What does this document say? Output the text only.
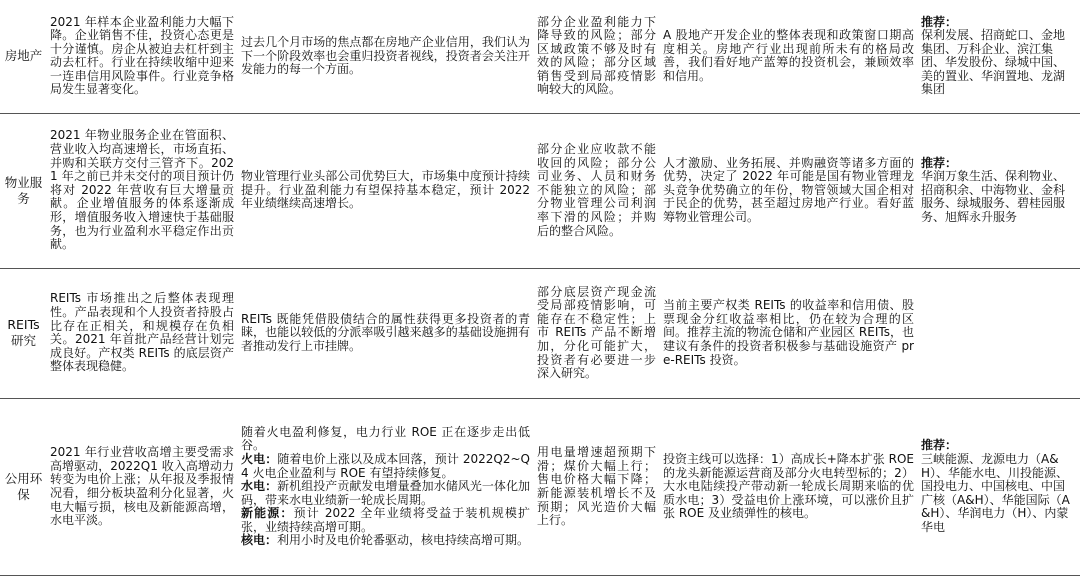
房地产	2021 年样本企业盈利能力大幅下降。企业销售不佳，投资心态更是十分谨慎。房企从被迫去杠杆到主动去杠杆。行业在持续收缩中迎来一连串信用风险事件。行业竞争格局发生显著变化。	过去几个月市场的焦点都在房地产企业信用，我们认为下一个阶段效率也会重归投资者视线，投资者会关注开发能力的每一个方面。	部分企业盈利能力下降导致的风险；部分区域政策不够及时有效的风险；部分区域销售受到局部疫情影响较大的风险。	A 股地产开发企业的整体表现和政策窗口期高度相关。房地产行业出现前所未有的格局改善，我们看好地产蓝筹的投资机会，兼顾效率和信用。	推荐：
保利发展、招商蛇口、金地集团、万科企业、滨江集团、华发股份、绿城中国、美的置业、华润置地、龙湖集团

物业服务	2021 年物业服务企业在管面积、营业收入均高速增长，市场直拓、并购和关联方交付三管齐下。2021 年之前已并未交付的项目预计仍将对 2022 年营收有巨大增量贡献。企业增值服务的体系逐渐成形，增值服务收入增速快于基础服务，也为行业盈利水平稳定作出贡献。	物业管理行业头部公司优势巨大，市场集中度预计持续提升。行业盈利能力有望保持基本稳定，预计 2022 年业绩继续高速增长。	部分企业应收款不能收回的风险；部分公司业务、人员和财务不能独立的风险；部分物业管理公司利润率下滑的风险；并购后的整合风险。	人才激励、业务拓展、并购融资等诸多方面的优势，决定了 2022 年可能是国有物业管理龙头竞争优势确立的年份，物管领域大国企相对于民企的优势，甚至超过房地产行业。看好蓝筹物业管理公司。	推荐：
华润万象生活、保利物业、招商积余、中海物业、金科服务、绿城服务、碧桂园服务、旭辉永升服务

REITs研究	REITs 市场推出之后整体表现理性。产品表现和个人投资者持股占比存在正相关，和规模存在负相关。2021 年首批产品经营计划完成良好。产权类 REITs 的底层资产整体表现稳健。	REITs 既能凭借股债结合的属性获得更多投资者的青睐，也能以较低的分派率吸引越来越多的基础设施拥有者推动发行上市挂牌。	部分底层资产现金流受局部疫情影响，可能存在不稳定性；上市 REITs 产品不断增加，分化可能扩大，投资者有必要进一步深入研究。	当前主要产权类 REITs 的收益率和信用债、股票现金分红收益率相比，仍在较为合理的区间。推荐主流的物流仓储和产业园区 REITs，也建议有条件的投资者积极参与基础设施资产 pre-REITs 投资。	

公用环保	2021 年行业营收高增主要受需求高增驱动，2022Q1 收入高增动力转变为电价上涨；从年报及季报情况看，细分板块盈利分化显著，火电大幅亏损，核电及新能源高增，水电平淡。	随着火电盈利修复，电力行业 ROE 正在逐步走出低谷。
火电：随着电价上涨以及成本回落，预计 2022Q2~Q4 火电企业盈利与 ROE 有望持续修复。
水电：新机组投产贡献发电增量叠加水储风光一体化加码，带来水电业绩新一轮成长周期。
新能源：预计 2022 全年业绩将受益于装机规模扩张，业绩持续高增可期。
核电：利用小时及电价轮番驱动，核电持续高增可期。	用电量增速超预期下滑；煤价大幅上行；售电价格大幅下降；新能源装机增长不及预期；风光造价大幅上行。	投资主线可以选择：1）高成长+降本扩张 ROE 的龙头新能源运营商及部分火电转型标的；2）大水电陆续投产带动新一轮成长周期来临的优质水电；3）受益电价上涨环境，可以涨价且扩张 ROE 及业绩弹性的核电。	推荐：
三峡能源、龙源电力（A&H）、华能水电、川投能源、国投电力、中国核电、中国广核（A&H）、华能国际（A&H）、华润电力（H）、内蒙华电
